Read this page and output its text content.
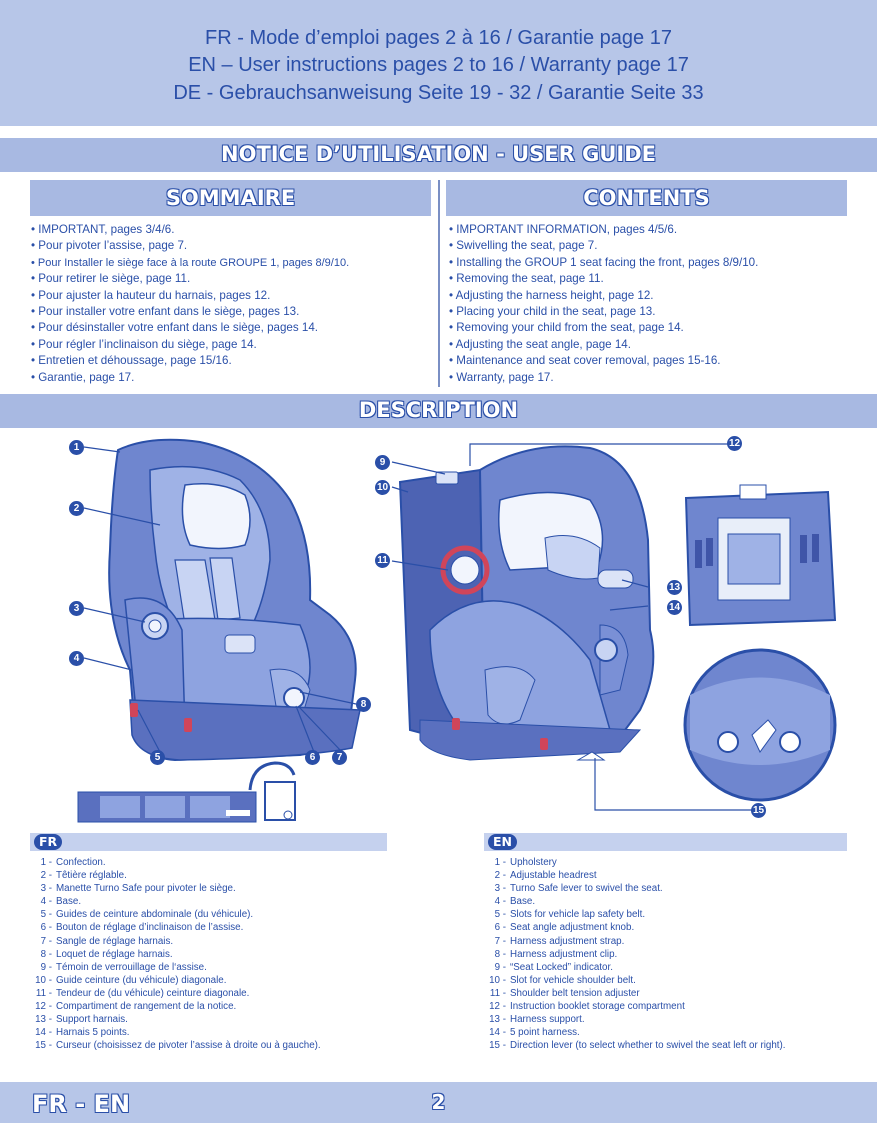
FR - Mode d’emploi pages 2 à 16 / Garantie page 17
EN – User instructions pages 2 to 16 / Warranty page 17
DE - Gebrauchsanweisung Seite 19 - 32 / Garantie Seite 33
NOTICE D’UTILISATION - USER GUIDE
SOMMAIRE
• IMPORTANT, pages 3/4/6.
• Pour pivoter l’assise, page 7.
• Pour Installer le siège face à la route GROUPE 1, pages 8/9/10.
• Pour retirer le siège, page 11.
• Pour ajuster la hauteur du harnais, pages 12.
• Pour installer votre enfant dans le siège, pages 13.
• Pour désinstaller votre enfant dans le siège, pages 14.
• Pour régler l’inclinaison du siège, page 14.
• Entretien et déhoussage, page 15/16.
• Garantie, page 17.
CONTENTS
• IMPORTANT INFORMATION, pages 4/5/6.
• Swivelling the seat, page 7.
• Installing the GROUP 1 seat facing the front, pages 8/9/10.
• Removing the seat, page 11.
• Adjusting the harness height, page 12.
• Placing your child in the seat, page 13.
• Removing your child from the seat, page 14.
• Adjusting the seat angle, page 14.
• Maintenance and seat cover removal, pages 15-16.
• Warranty, page 17.
DESCRIPTION
1
2
3
4
5	6	7
8
9
10
11
12
13
14
15
FR
1 - Confection.
2 - Têtière réglable.
3 - Manette Turno Safe pour pivoter le siège.
4 - Base.
5 - Guides de ceinture abdominale (du véhicule).
6 - Bouton de réglage d’inclinaison de l’assise.
7 - Sangle de réglage harnais.
8 - Loquet de réglage harnais.
9 - Témoin de verrouillage de l‘assise.
10 - Guide ceinture (du véhicule) diagonale.
11 - Tendeur de (du véhicule) ceinture diagonale.
12 - Compartiment de rangement de la notice.
13 - Support harnais.
14 - Harnais 5 points.
15 - Curseur (choisissez de pivoter l’assise à droite ou à gauche).
EN
1 - Upholstery
2 - Adjustable headrest
3 - Turno Safe lever to swivel the seat.
4 - Base.
5 - Slots for vehicle lap safety belt.
6 - Seat angle adjustment knob.
7 - Harness adjustment strap.
8 - Harness adjustment clip.
9 - “Seat Locked” indicator.
10 - Slot for vehicle shoulder belt.
11 - Shoulder belt tension adjuster
12 - Instruction booklet storage compartment
13 - Harness support.
14 - 5 point harness.
15 - Direction lever (to select whether to swivel the seat left or right).
2
FR - EN
